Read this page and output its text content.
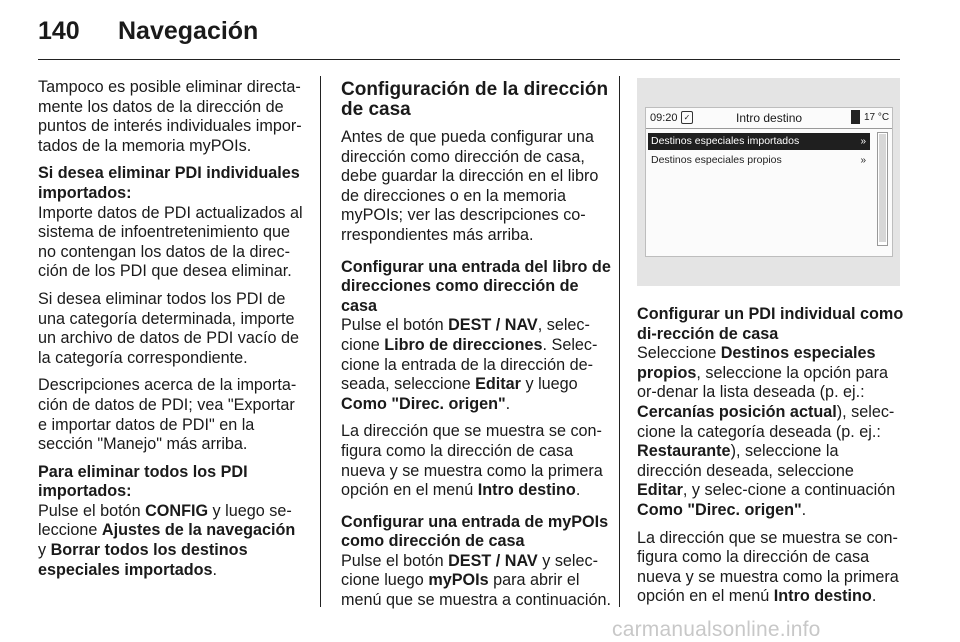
140 Navegación

Tampoco es posible eliminar directa-mente los datos de la dirección de puntos de interés individuales impor-tados de la memoria myPOIs.

Si desea eliminar PDI individuales importados:

Importe datos de PDI actualizados al sistema de infoentretenimiento que no contengan los datos de la direc-ción de los PDI que desea eliminar.

Si desea eliminar todos los PDI de una categoría determinada, importe un archivo de datos de PDI vacío de la categoría correspondiente.

Descripciones acerca de la importa-ción de datos de PDI; vea "Exportar e importar datos de PDI" en la sección "Manejo" más arriba.

Para eliminar todos los PDI importados:

Pulse el botón CONFIG y luego se-leccione Ajustes de la navegación y Borrar todos los destinos especiales importados.

Configuración de la dirección de casa

Antes de que pueda configurar una dirección como dirección de casa, debe guardar la dirección en el libro de direcciones o en la memoria myPOIs; ver las descripciones co-rrespondientes más arriba.

Configurar una entrada del libro de direcciones como dirección de casa

Pulse el botón DEST / NAV, selec-cione Libro de direcciones. Selec-cione la entrada de la dirección de-seada, seleccione Editar y luego Como "Direc. origen".

La dirección que se muestra se con-figura como la dirección de casa nueva y se muestra como la primera opción en el menú Intro destino.

Configurar una entrada de myPOIs como dirección de casa

Pulse el botón DEST / NAV y selec-cione luego myPOIs para abrir el menú que se muestra a continuación.

09:20 ✓	Intro destino	17 °C
Destinos especiales importados	»
Destinos especiales propios	»

Configurar un PDI individual como di-rección de casa

Seleccione Destinos especiales propios, seleccione la opción para or-denar la lista deseada (p. ej.: Cercanías posición actual), selec-cione la categoría deseada (p. ej.: Restaurante), seleccione la dirección deseada, seleccione Editar, y selec-cione a continuación Como "Direc. origen".

La dirección que se muestra se con-figura como la dirección de casa nueva y se muestra como la primera opción en el menú Intro destino.

carmanualsonline.info
